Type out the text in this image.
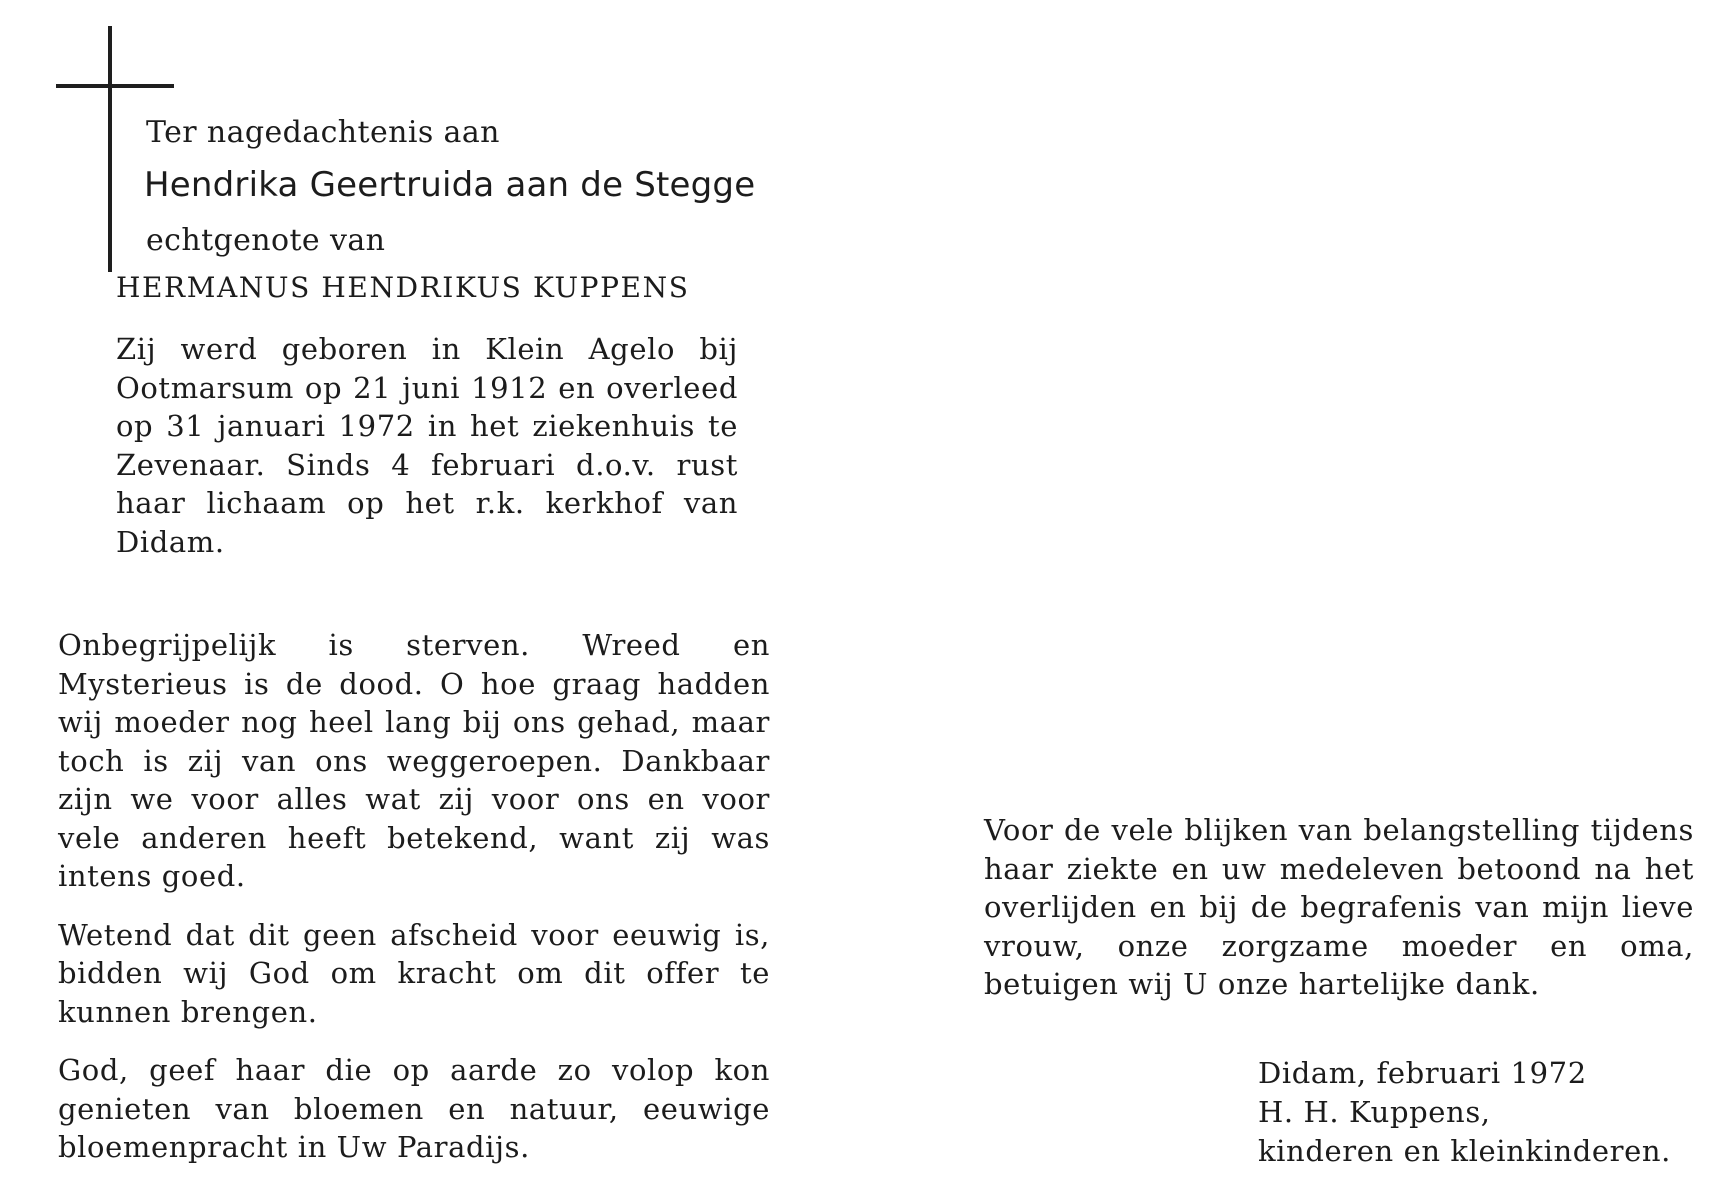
Ter nagedachtenis aan
Hendrika Geertruida aan de Stegge
echtgenote van
HERMANUS HENDRIKUS KUPPENS

Zij werd geboren in Klein Agelo bij Ootmarsum op 21 juni 1912 en overleed op 31 januari 1972 in het ziekenhuis te Zevenaar. Sinds 4 februari d.o.v. rust haar lichaam op het r.k. kerkhof van Didam.

Onbegrijpelijk is sterven. Wreed en Mysterieus is de dood. O hoe graag hadden wij moeder nog heel lang bij ons gehad, maar toch is zij van ons weggeroepen. Dankbaar zijn we voor alles wat zij voor ons en voor vele anderen heeft betekend, want zij was intens goed.

Wetend dat dit geen afscheid voor eeuwig is, bidden wij God om kracht om dit offer te kunnen brengen.

God, geef haar die op aarde zo volop kon genieten van bloemen en natuur, eeuwige bloemenpracht in Uw Paradijs.

Voor de vele blijken van belangstelling tijdens haar ziekte en uw medeleven betoond na het overlijden en bij de begrafenis van mijn lieve vrouw, onze zorgzame moeder en oma, betuigen wij U onze hartelijke dank.

Didam, februari 1972
H. H. Kuppens,
kinderen en kleinkinderen.
